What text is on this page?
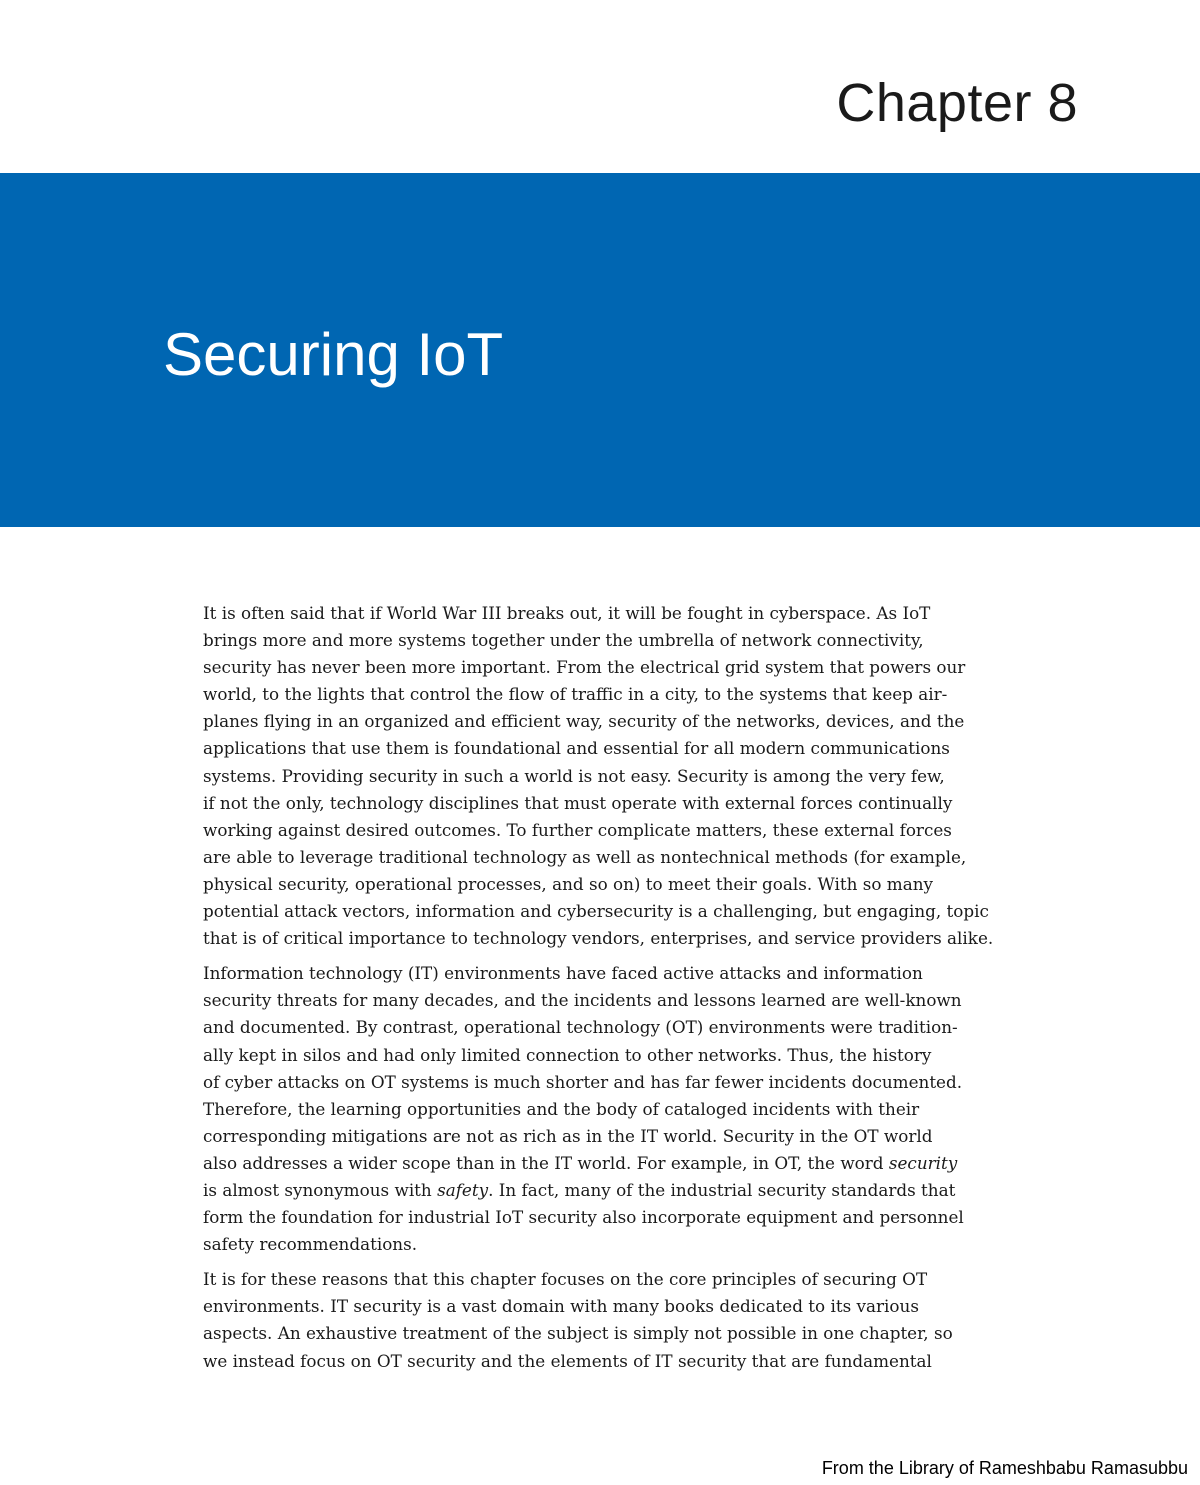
Chapter 8
Securing IoT

It is often said that if World War III breaks out, it will be fought in cyberspace. As IoT
brings more and more systems together under the umbrella of network connectivity,
security has never been more important. From the electrical grid system that powers our
world, to the lights that control the flow of traffic in a city, to the systems that keep air-
planes flying in an organized and efficient way, security of the networks, devices, and the
applications that use them is foundational and essential for all modern communications
systems. Providing security in such a world is not easy. Security is among the very few,
if not the only, technology disciplines that must operate with external forces continually
working against desired outcomes. To further complicate matters, these external forces
are able to leverage traditional technology as well as nontechnical methods (for example,
physical security, operational processes, and so on) to meet their goals. With so many
potential attack vectors, information and cybersecurity is a challenging, but engaging, topic
that is of critical importance to technology vendors, enterprises, and service providers alike.

Information technology (IT) environments have faced active attacks and information
security threats for many decades, and the incidents and lessons learned are well-known
and documented. By contrast, operational technology (OT) environments were tradition-
ally kept in silos and had only limited connection to other networks. Thus, the history
of cyber attacks on OT systems is much shorter and has far fewer incidents documented.
Therefore, the learning opportunities and the body of cataloged incidents with their
corresponding mitigations are not as rich as in the IT world. Security in the OT world
also addresses a wider scope than in the IT world. For example, in OT, the word security
is almost synonymous with safety. In fact, many of the industrial security standards that
form the foundation for industrial IoT security also incorporate equipment and personnel
safety recommendations.

It is for these reasons that this chapter focuses on the core principles of securing OT
environments. IT security is a vast domain with many books dedicated to its various
aspects. An exhaustive treatment of the subject is simply not possible in one chapter, so
we instead focus on OT security and the elements of IT security that are fundamental

From the Library of Rameshbabu Ramasubbu
